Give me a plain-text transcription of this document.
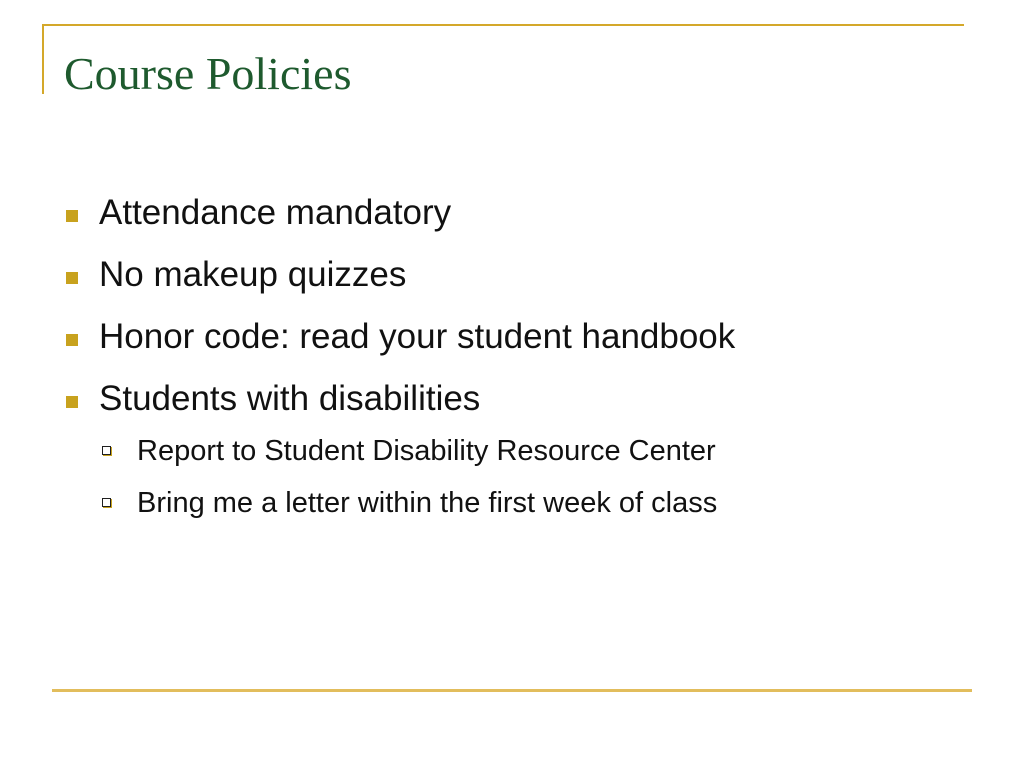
Course Policies
Attendance mandatory
No makeup quizzes
Honor code: read your student handbook
Students with disabilities
Report to Student Disability Resource Center
Bring me a letter within the first week of class
